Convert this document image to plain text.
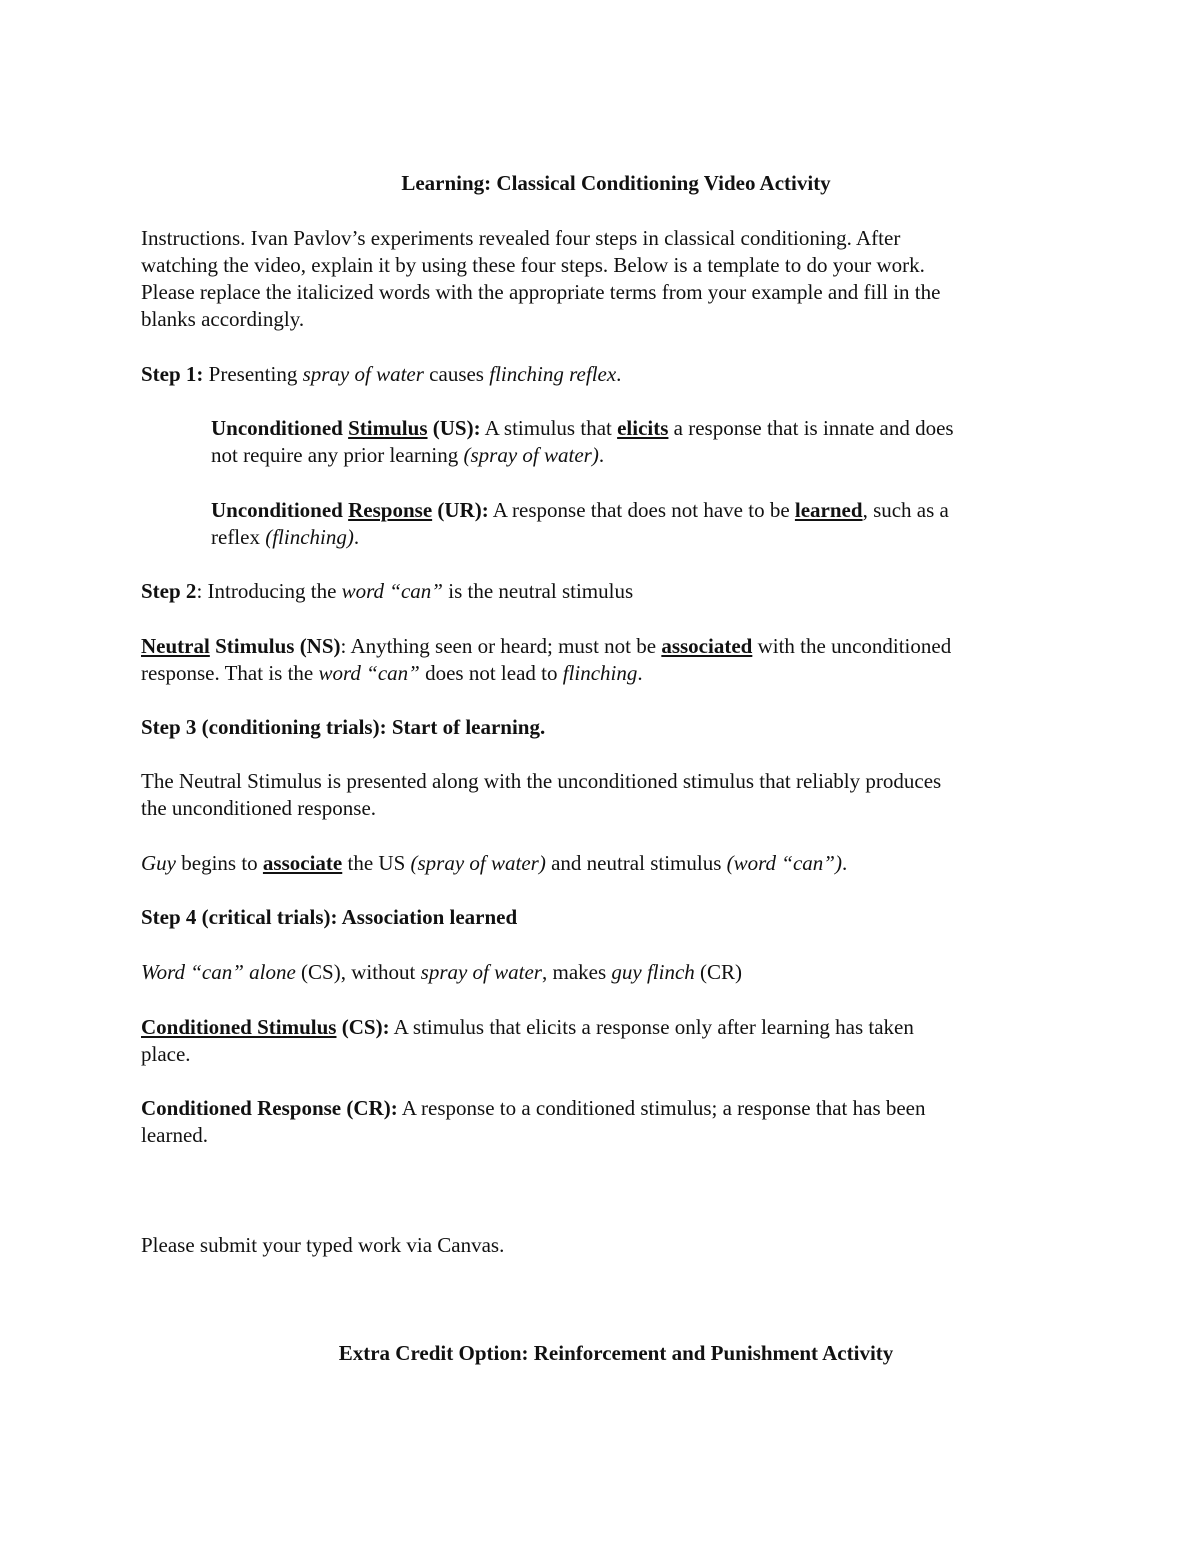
Learning: Classical Conditioning Video Activity
Instructions. Ivan Pavlov’s experiments revealed four steps in classical conditioning. After
watching the video, explain it by using these four steps. Below is a template to do your work.
Please replace the italicized words with the appropriate terms from your example and fill in the
blanks accordingly.
Step 1: Presenting spray of water causes flinching reflex.
Unconditioned Stimulus (US): A stimulus that elicits a response that is innate and does
not require any prior learning (spray of water).
Unconditioned Response (UR): A response that does not have to be learned, such as a
reflex (flinching).
Step 2: Introducing the word “can” is the neutral stimulus
Neutral Stimulus (NS): Anything seen or heard; must not be associated with the unconditioned
response. That is the word “can” does not lead to flinching.
Step 3 (conditioning trials): Start of learning.
The Neutral Stimulus is presented along with the unconditioned stimulus that reliably produces
the unconditioned response.
Guy begins to associate the US (spray of water) and neutral stimulus (word “can”).
Step 4 (critical trials): Association learned
Word “can” alone (CS), without spray of water, makes guy flinch (CR)
Conditioned Stimulus (CS): A stimulus that elicits a response only after learning has taken
place.
Conditioned Response (CR): A response to a conditioned stimulus; a response that has been
learned.
Please submit your typed work via Canvas.
Extra Credit Option: Reinforcement and Punishment Activity
